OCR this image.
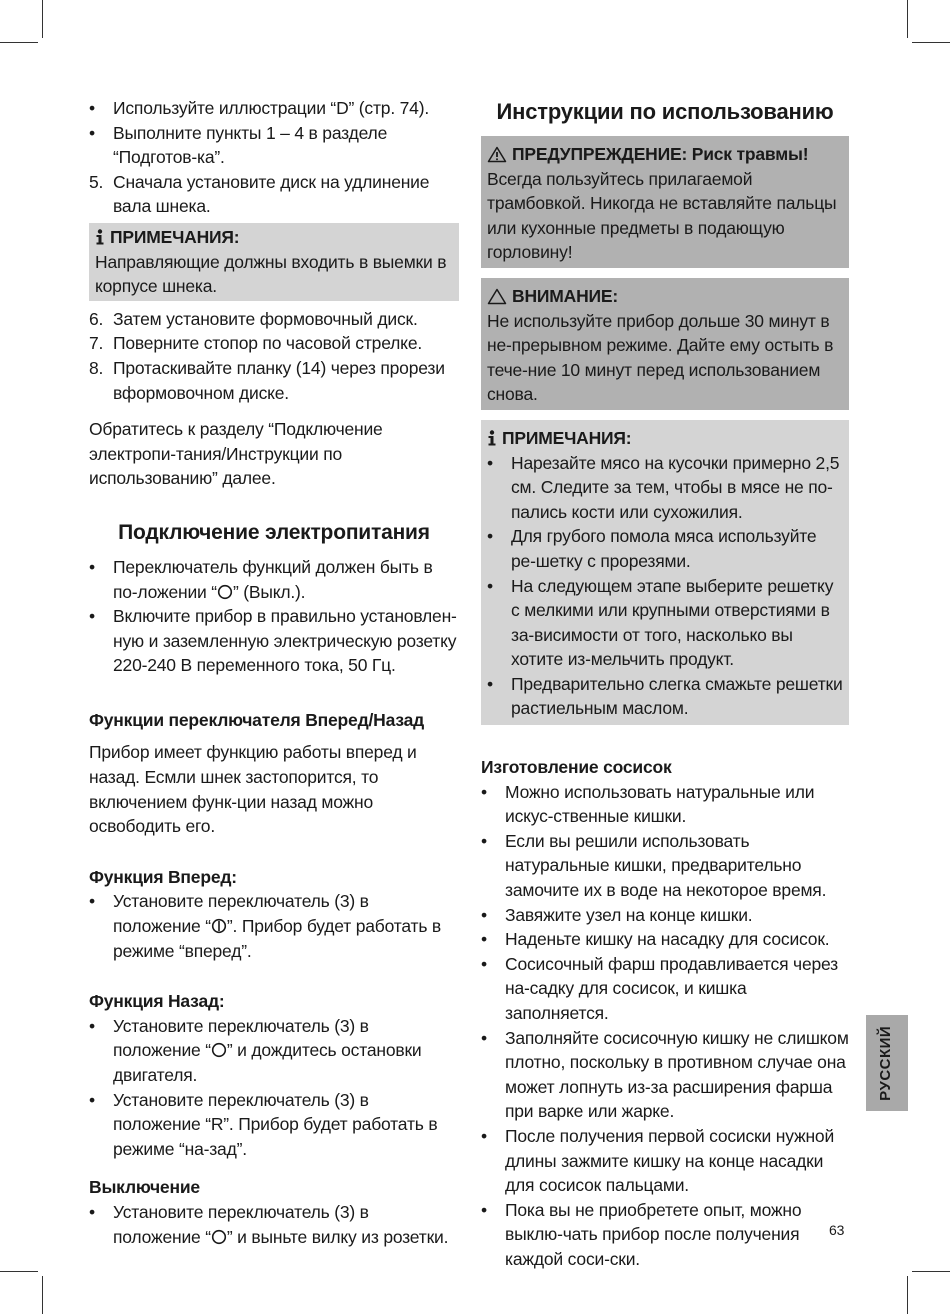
• Используйте иллюстрации “D” (стр. 74).
• Выполните пункты 1 – 4 в разделе “Подготов-ка”.
5. Сначала установите диск на удлинение вала шнека.
ПРИМЕЧАНИЯ:

Направляющие должны входить в выемки в корпусе шнека.

6. Затем установите формовочный диск.
7. Поверните стопор по часовой стрелке.
8. Протаскивайте планку (14) через прорези вформовочном диске.

Обратитесь к разделу “Подключение электропи-тания/Инструкции по использованию” далее.

Подключение электропитания
• Переключатель функций должен быть в по-ложении “ ” (Выкл.).
• Включите прибор в правильно установлен-ную и заземленную электрическую розетку 220-240 В переменного тока, 50 Гц.
Функции переключателя Вперед/Назад

Прибор имеет функцию работы вперед и назад. Есмли шнек застопорится, то включением функ-ции назад можно освободить его.

Функция Вперед:
• Установите переключатель (3) в положение “ ”. Прибор будет работать в режиме “вперед”.
Функция Назад:
• Установите переключатель (3) в положение “ ” и дождитесь остановки двигателя.
• Установите переключатель (3) в положение “R”. Прибор будет работать в режиме “на-зад”.
Выключение
• Установите переключатель (3) в положение “ ” и выньте вилку из розетки.
Инструкции по использованию
ПРЕДУПРЕЖДЕНИЕ: Риск травмы!

Всегда пользуйтесь прилагаемой трамбовкой. Никогда не вставляйте пальцы или кухонные предметы в подающую горловину!

ВНИМАНИЕ:

Не используйте прибор дольше 30 минут в не-прерывном режиме. Дайте ему остыть в тече-ние 10 минут перед использованием снова.

ПРИМЕЧАНИЯ:
• Нарезайте мясо на кусочки примерно 2,5 см. Следите за тем, чтобы в мясе не по-пались кости или сухожилия.
• Для грубого помола мяса используйте ре-шетку с прорезями.
• На следующем этапе выберите решетку с мелкими или крупными отверстиями в за-висимости от того, насколько вы хотите из-мельчить продукт.
• Предварительно слегка смажьте решетки растиельным маслом.
Изготовление сосисок
• Можно использовать натуральные или искус-ственные кишки.
• Если вы решили использовать натуральные кишки, предварительно замочите их в воде на некоторое время.
• Завяжите узел на конце кишки.
• Наденьте кишку на насадку для сосисок.
• Сосисочный фарш продавливается через на-садку для сосисок, и кишка заполняется.
• Заполняйте сосисочную кишку не слишком плотно, поскольку в противном случае она может лопнуть из-за расширения фарша при варке или жарке.
• После получения первой сосиски нужной длины зажмите кишку на конце насадки для сосисок пальцами.
• Пока вы не приобретете опыт, можно выклю-чать прибор после получения каждой соси-ски.
РУССКИЙ
63
